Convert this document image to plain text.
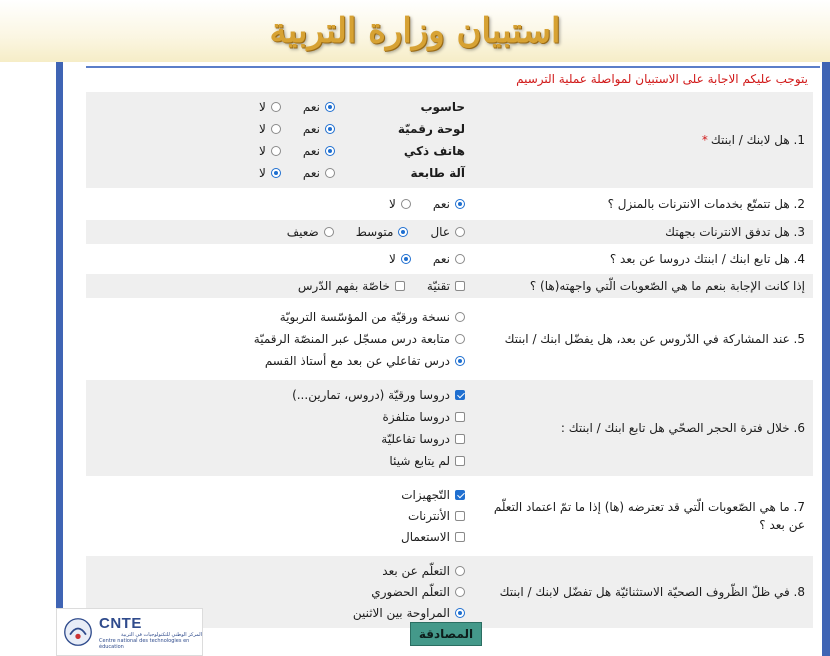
استبيان وزارة التربية
يتوجب عليكم الاجابة على الاستبيان لمواصلة عملية الترسيم
1. هل لابنك / ابنتك
*
حاسوب
نعم
لا
لوحة رقميّة
نعم
لا
هاتف ذكي
نعم
لا
آلة طابعة
نعم
لا
2. هل تتمتّع بخدمات الانترنات بالمنزل ؟
نعم
لا
3. هل تدفق الانترنات بجهتك
عال
متوسط
ضعيف
4. هل تابع ابنك / ابنتك دروسا عن بعد ؟
نعم
لا
إذا كانت الإجابة بنعم ما هي الصّعوبات الّتي واجهته(ها) ؟
تقنيّة
خاصّة بفهم الدّرس
5. عند المشاركة في الدّروس عن بعد، هل يفضّل ابنك / ابنتك
نسخة ورقيّة من المؤسّسة التربويّة
متابعة درس مسجّل عبر المنصّة الرقميّة
درس تفاعلي عن بعد مع أستاذ القسم
6. خلال فترة الحجر الصحّي هل تابع ابنك / ابنتك :
دروسا ورقيّة (دروس، تمارين...)
دروسا متلفزة
دروسا تفاعليّة
لم يتابع شيئا
7. ما هي الصّعوبات الّتي قد تعترضه (ها) إذا ما تمّ اعتماد التعلّم عن بعد ؟
التّجهيزات
الأنترنات
الاستعمال
8. في ظلّ الظّروف الصحيّة الاستثنائيّة هل تفضّل لابنك / ابنتك
التعلّم عن بعد
التعلّم الحضوري
المراوحة بين الاثنين
المصادقة
CNTE
المركز الوطني للتكنولوجيات في التربية
Centre national des technologies en éducation
